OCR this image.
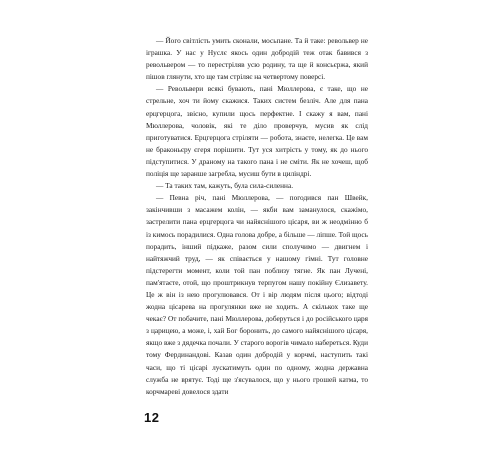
— Його світлість умить сконали, мосьпане. Та й таке: револьвер не іграшка. У нас у Нуслє якось один добродій теж отак бавився з револьвером — то перестріляв усю родину, та ще й консьєржа, який пішов глянути, хто ще там стріляє на четвертому поверсі.

— Револьвери всякі бувають, пані Мюллерова, є таке, що не стрельне, хоч ти йому скажися. Таких систем безліч. Але для пана ерцгерцога, звісно, купили щось перфектне. І скажу я вам, пані Мюллерова, чоловік, які те діло проверчув, мусив як слід приготуватися. Ерцгерцога стріляти — робота, знаєте, нелегка. Це вам не браконьєру єгеря порішити. Тут уся хитрість у тому, як до нього підступитися. У драному на такого пана і не сміти. Як не хочеш, щоб поліція ще заранше загребла, мусиш бути в циліндрі.

— Та таких там, кажуть, була сила-силенна.

— Певна річ, пані Мюллерова, — погодився пан Швейк, закінчивши з масажем колін, — якби вам заманулося, скажімо, застрелити пана ерцгерцога чи найяснішого цісаря, ви ж неодмінно б із кимось порадилися. Одна голова добре, а більше — ліпше. Той щось порадить, інший підкаже, разом сили сполучимо — двигнем і найтяжчий труд, — як співається у нашому гімні. Тут головне підстерегти момент, коли той пан поблизу тягне. Як пан Лучені, пам'ятаєте, отой, що проштрикнув терпугом нашу покійну Єлизавету. Це ж він із нею прогулювався. От і вір людям після цього; відтоді жодна цісарева на прогулянки вже не ходить. А скількох таке ще чекає? От побачите, пані Мюллерова, доберуться і до російського царя з царицею, а може, і, хай Бог боронить, до самого найяснішого цісаря, якщо вже з дядечка почали. У старого ворогів чимало набереться. Куди тому Фердинандові. Казав один добродій у корчмі, наступить такі часи, що ті цісарі лускатимуть один по одному, жодна державна служба не врятує. Тоді ще з'ясувалося, що у нього грошей катма, то корчмареві довелося здати

12
